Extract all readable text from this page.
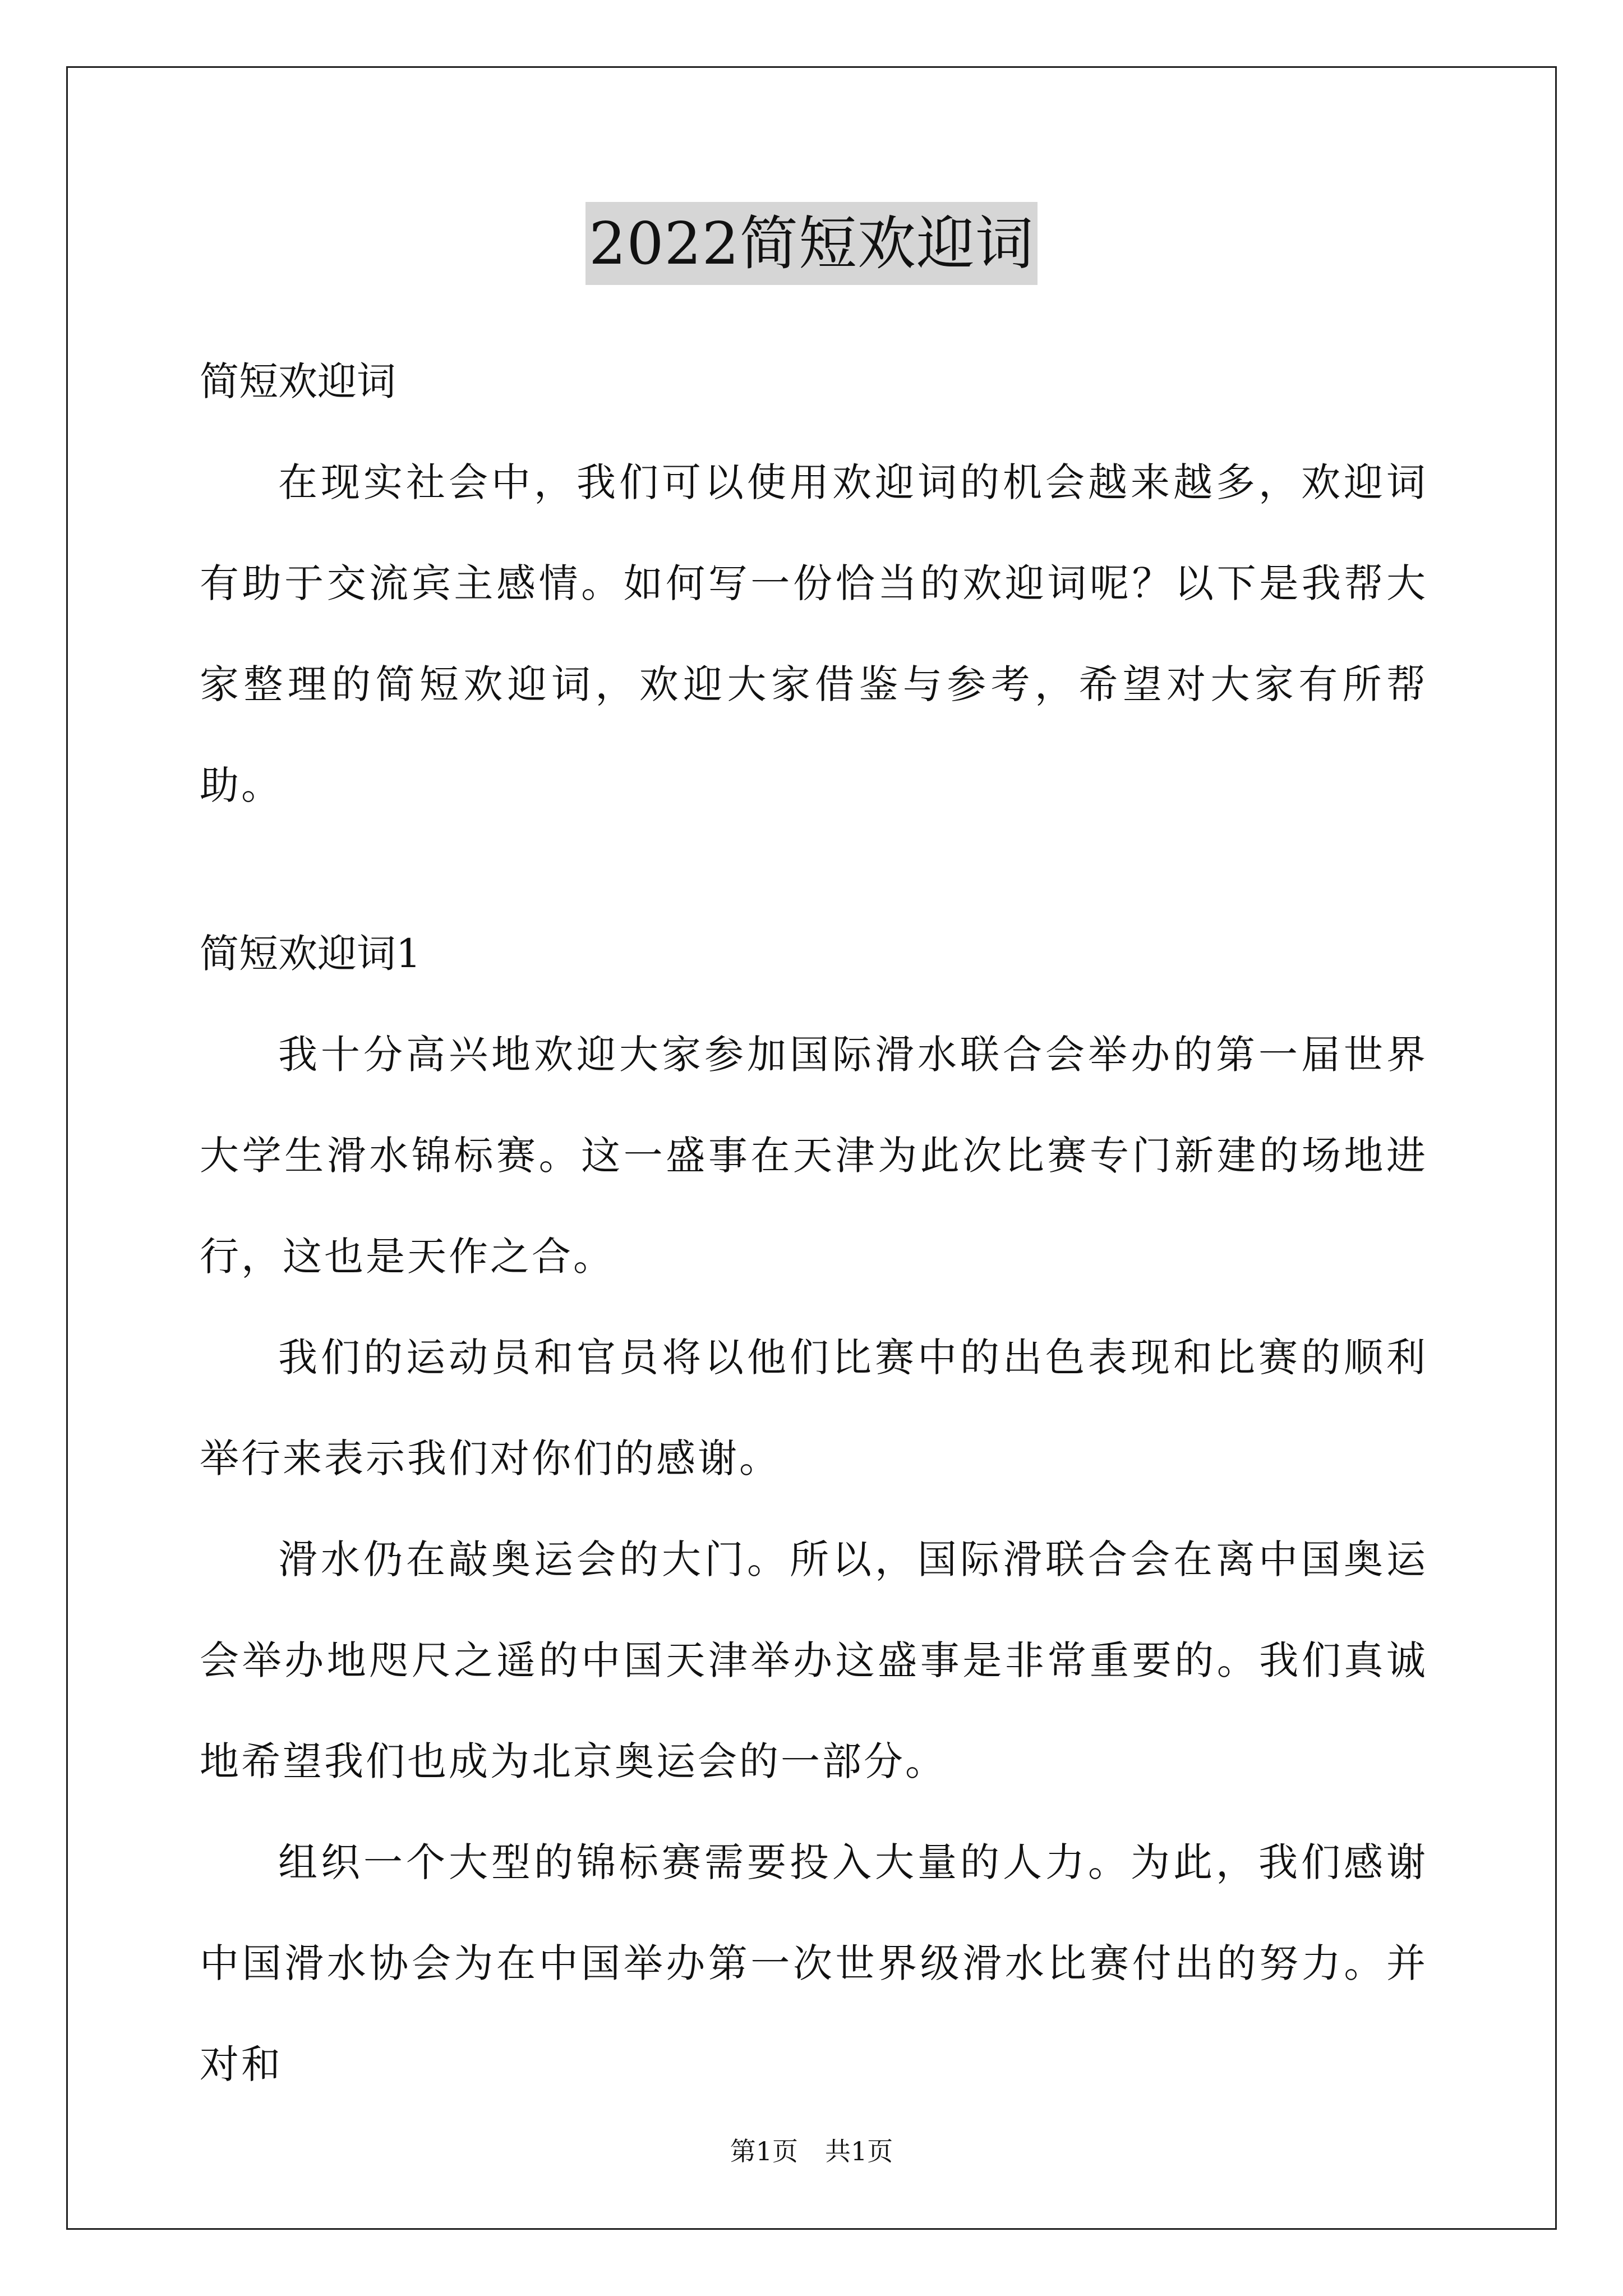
2022简短欢迎词

简短欢迎词

在现实社会中，我们可以使用欢迎词的机会越来越多，欢迎词有助于交流宾主感情。如何写一份恰当的欢迎词呢？以下是我帮大家整理的简短欢迎词，欢迎大家借鉴与参考，希望对大家有所帮助。

简短欢迎词1

我十分高兴地欢迎大家参加国际滑水联合会举办的第一届世界大学生滑水锦标赛。这一盛事在天津为此次比赛专门新建的场地进行，这也是天作之合。

我们的运动员和官员将以他们比赛中的出色表现和比赛的顺利举行来表示我们对你们的感谢。

滑水仍在敲奥运会的大门。所以，国际滑联合会在离中国奥运会举办地咫尺之遥的中国天津举办这盛事是非常重要的。我们真诚地希望我们也成为北京奥运会的一部分。

组织一个大型的锦标赛需要投入大量的人力。为此，我们感谢中国滑水协会为在中国举办第一次世界级滑水比赛付出的努力。并对和

第1页 共1页
